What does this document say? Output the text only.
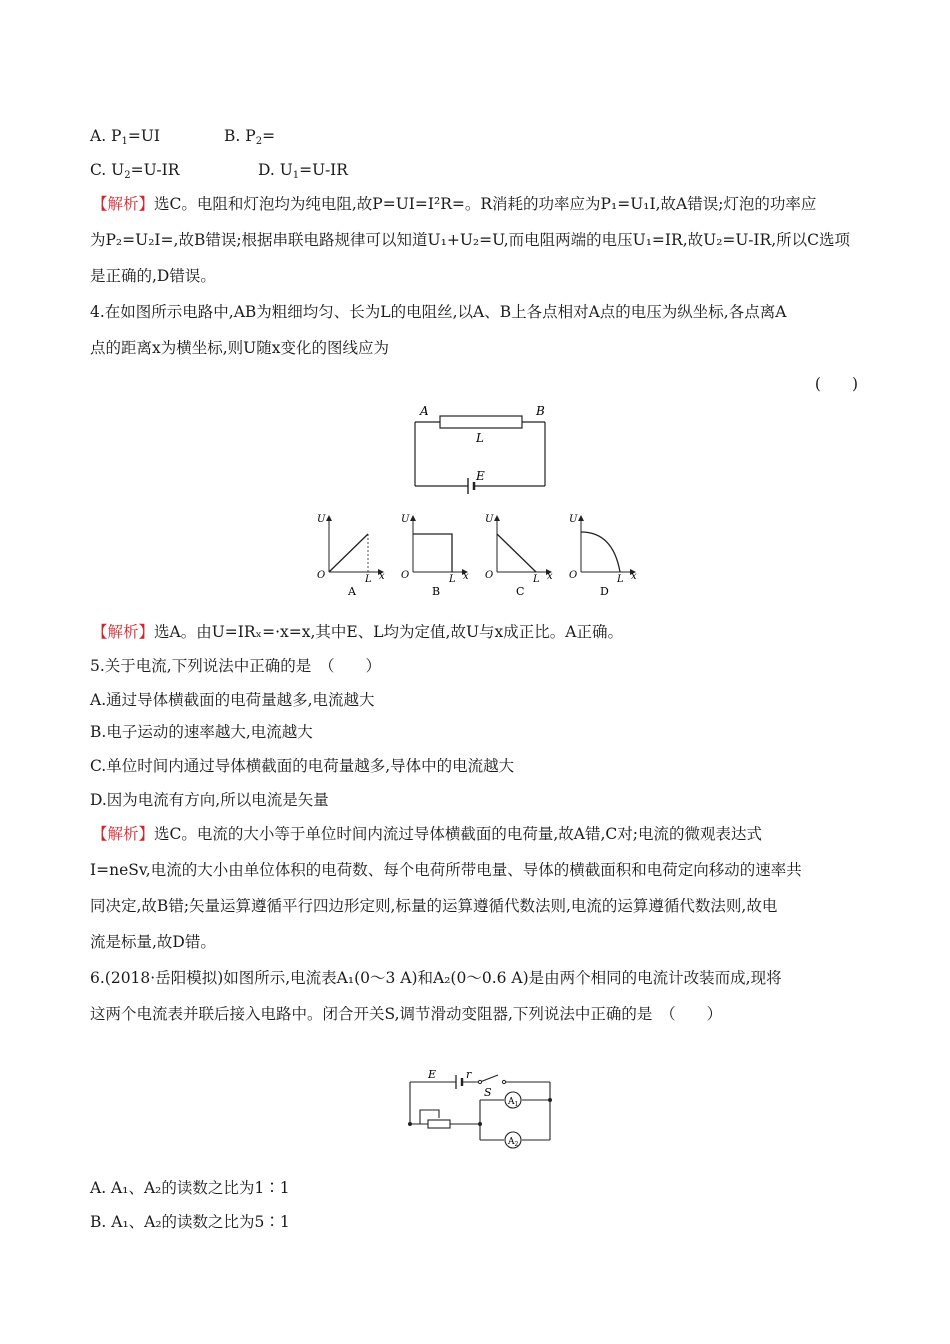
A. $P_1=UI$	B. $P_2=$
C. $U_2=U-IR$	D. $U_1=U-IR$
【解析】选C。电阻和灯泡均为纯电阻,故P=UI=I²R=。R消耗的功率应为P₁=U₁I,故A错误;灯泡的功率应
为P₂=U₂I=,故B错误;根据串联电路规律可以知道U₁+U₂=U,而电阻两端的电压U₁=IR,故U₂=U-IR,所以C选项
是正确的,D错误。
4.在如图所示电路中,AB为粗细均匀、长为L的电阻丝,以A、B上各点相对A点的电压为纵坐标,各点离A
点的距离x为横坐标,则U随x变化的图线应为
(　　)
A	B
L
E
U
O	L x
A
U
O	L x
B
U
O	L x
C
U
O	L x
D
【解析】选A。由U=IRₓ=·x=x,其中E、L均为定值,故U与x成正比。A正确。
5.关于电流,下列说法中正确的是　（　　）
A.通过导体横截面的电荷量越多,电流越大
B.电子运动的速率越大,电流越大
C.单位时间内通过导体横截面的电荷量越多,导体中的电流越大
D.因为电流有方向,所以电流是矢量
【解析】选C。电流的大小等于单位时间内流过导体横截面的电荷量,故A错,C对;电流的微观表达式
I=neSv,电流的大小由单位体积的电荷数、每个电荷所带电量、导体的横截面积和电荷定向移动的速率共
同决定,故B错;矢量运算遵循平行四边形定则,标量的运算遵循代数法则,电流的运算遵循代数法则,故电
流是标量,故D错。
6.(2018·岳阳模拟)如图所示,电流表A₁(0～3 A)和A₂(0～0.6 A)是由两个相同的电流计改装而成,现将
这两个电流表并联后接入电路中。闭合开关S,调节滑动变阻器,下列说法中正确的是　（　　）
E	r
S
$A_1$
$A_2$
A. A₁、A₂的读数之比为1∶1
B. A₁、A₂的读数之比为5∶1
